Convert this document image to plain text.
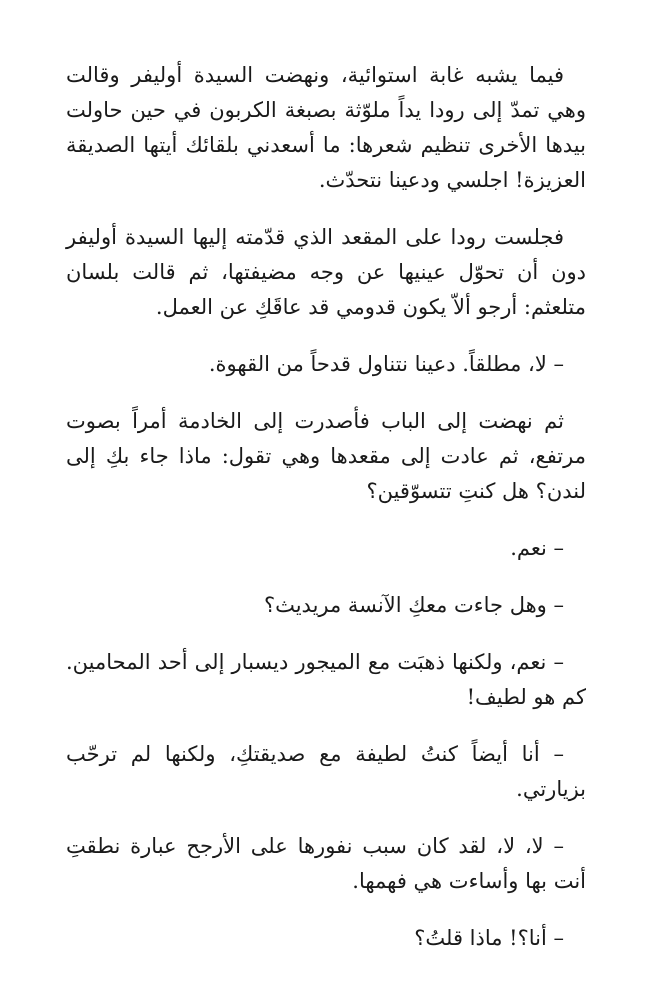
فيما يشبه غابة استوائية، ونهضت السيدة أوليفر وقالت وهي تمدّ إلى رودا يداً ملوّثة بصبغة الكربون في حين حاولت بيدها الأخرى تنظيم شعرها: ما أسعدني بلقائك أيتها الصديقة العزيزة! اجلسي ودعينا نتحدّث.

فجلست رودا على المقعد الذي قدّمته إليها السيدة أوليفر دون أن تحوّل عينيها عن وجه مضيفتها، ثم قالت بلسان متلعثم: أرجو ألاّ يكون قدومي قد عاقَكِ عن العمل.

– لا، مطلقاً. دعينا نتناول قدحاً من القهوة.

ثم نهضت إلى الباب فأصدرت إلى الخادمة أمراً بصوت مرتفع، ثم عادت إلى مقعدها وهي تقول: ماذا جاء بكِ إلى لندن؟ هل كنتِ تتسوّقين؟

– نعم.

– وهل جاءت معكِ الآنسة مريديث؟

– نعم، ولكنها ذهبَت مع الميجور ديسبار إلى أحد المحامين. كم هو لطيف!

– أنا أيضاً كنتُ لطيفة مع صديقتكِ، ولكنها لم ترحّب بزيارتي.

– لا، لا، لقد كان سبب نفورها على الأرجح عبارة نطقتِ أنت بها وأساءت هي فهمها.

– أنا؟! ماذا قلتُ؟
